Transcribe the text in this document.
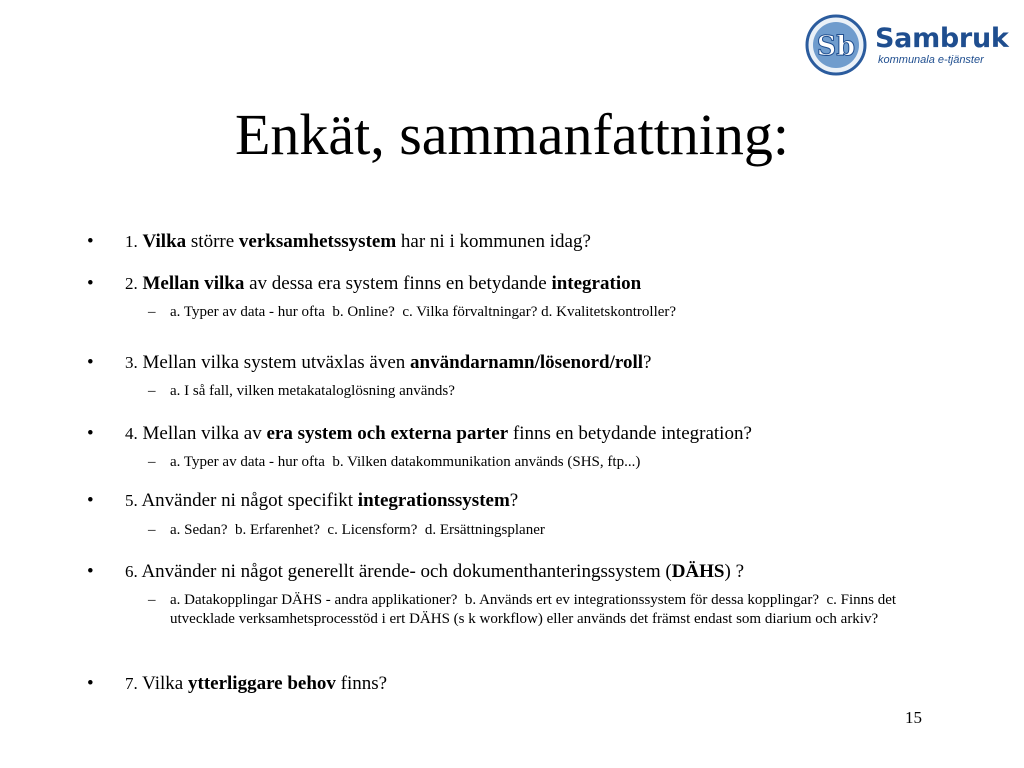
Sb Sambruk
kommunala e-tjänster
Enkät, sammanfattning:
• 1. Vilka större verksamhetssystem har ni i kommunen idag?
• 2. Mellan vilka av dessa era system finns en betydande integration
– a. Typer av data - hur ofta  b. Online?  c. Vilka förvaltningar? d. Kvalitetskontroller?
• 3. Mellan vilka system utväxlas även användarnamn/lösenord/roll?
– a. I så fall, vilken metakataloglösning används?
• 4. Mellan vilka av era system och externa parter finns en betydande integration?
– a. Typer av data - hur ofta  b. Vilken datakommunikation används (SHS, ftp...)
• 5. Använder ni något specifikt integrationssystem?
– a. Sedan?  b. Erfarenhet?  c. Licensform?  d. Ersättningsplaner
• 6. Använder ni något generellt ärende- och dokumenthanteringssystem (DÄHS) ?
– a. Datakopplingar DÄHS - andra applikationer?  b. Används ert ev integrationssystem för dessa kopplingar?  c. Finns det utvecklade verksamhetsprocesstöd i ert DÄHS (s k workflow) eller används det främst endast som diarium och arkiv?
• 7. Vilka ytterliggare behov finns?
15
